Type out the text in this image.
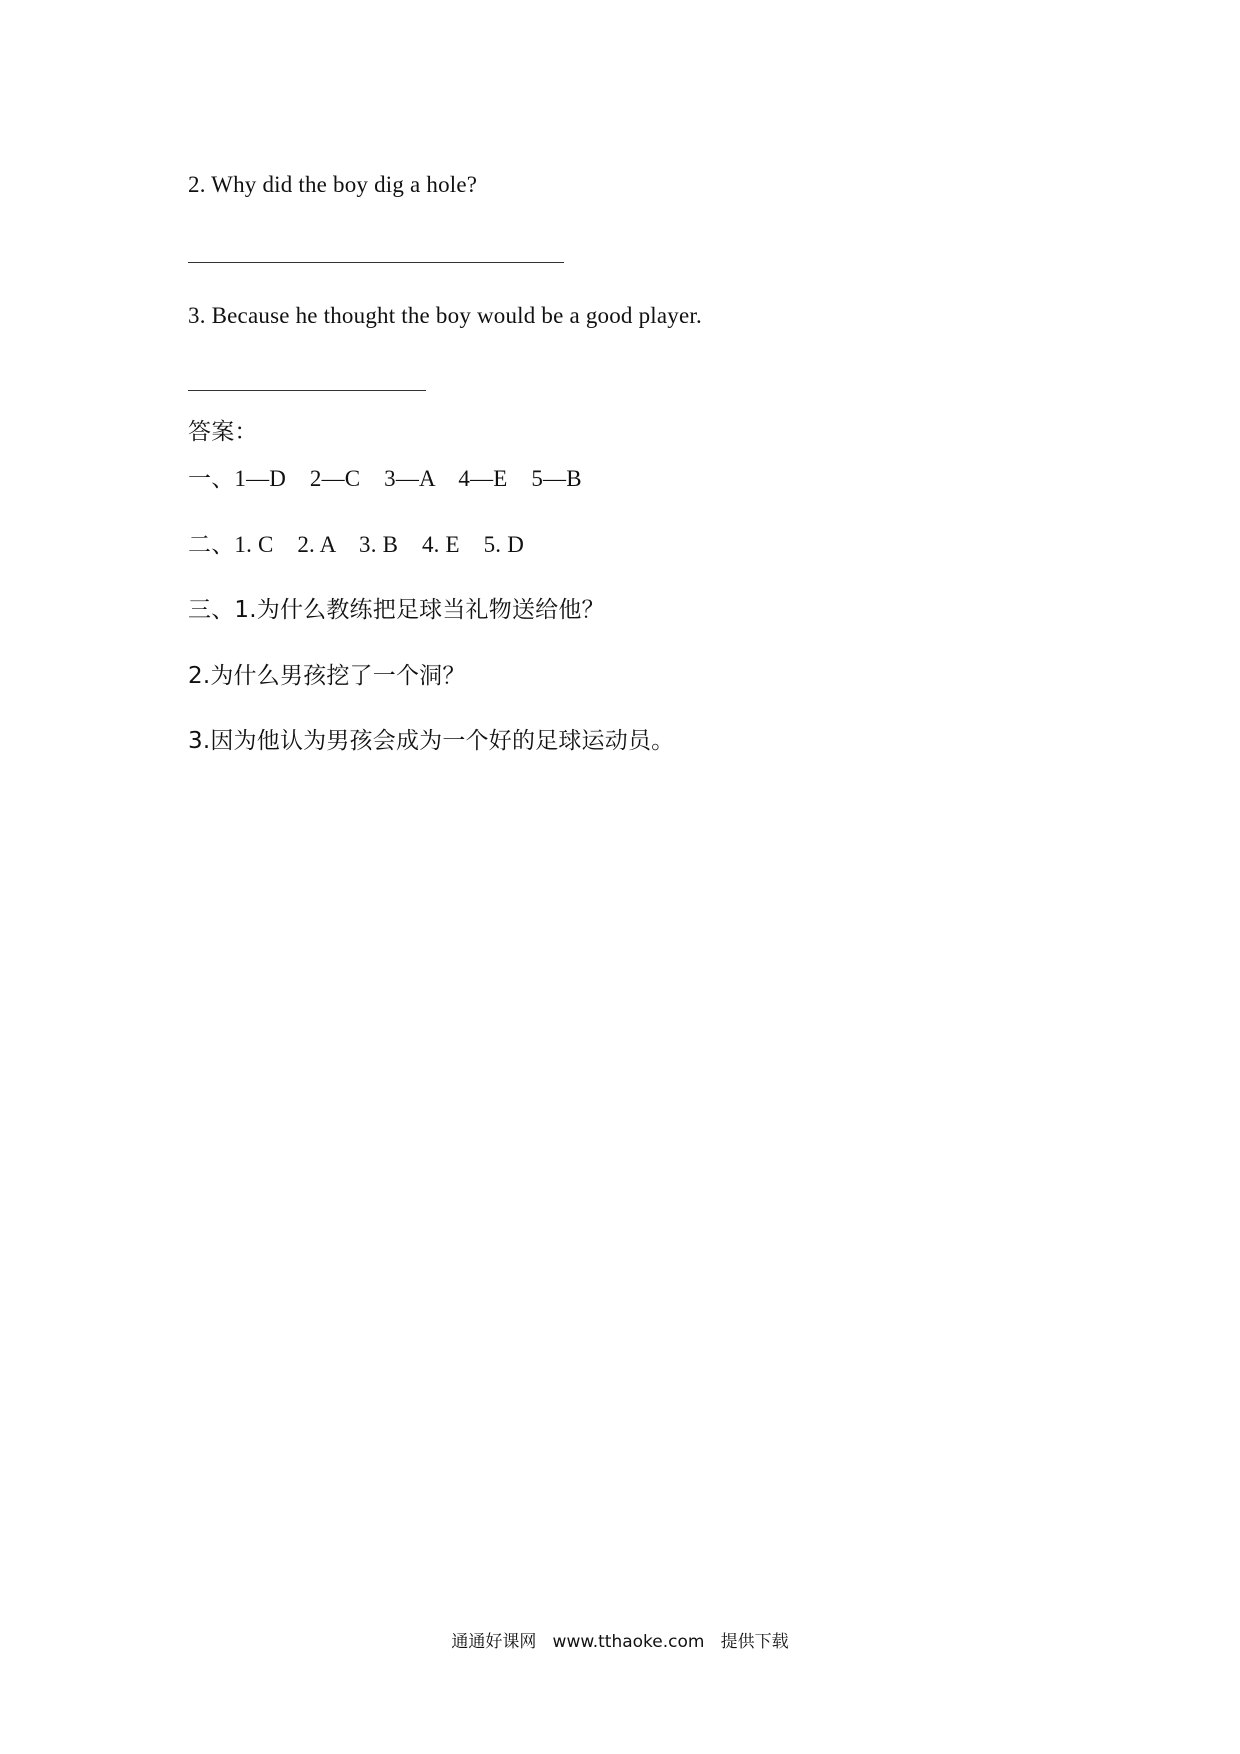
2. Why did the boy dig a hole?
3. Because he thought the boy would be a good player.
答案：
一、1—D    2—C    3—A    4—E    5—B
二、1. C    2. A    3. B    4. E    5. D
三、1.为什么教练把足球当礼物送给他？
2.为什么男孩挖了一个洞？
3.因为他认为男孩会成为一个好的足球运动员。
通通好课网   www.tthaoke.com   提供下载
